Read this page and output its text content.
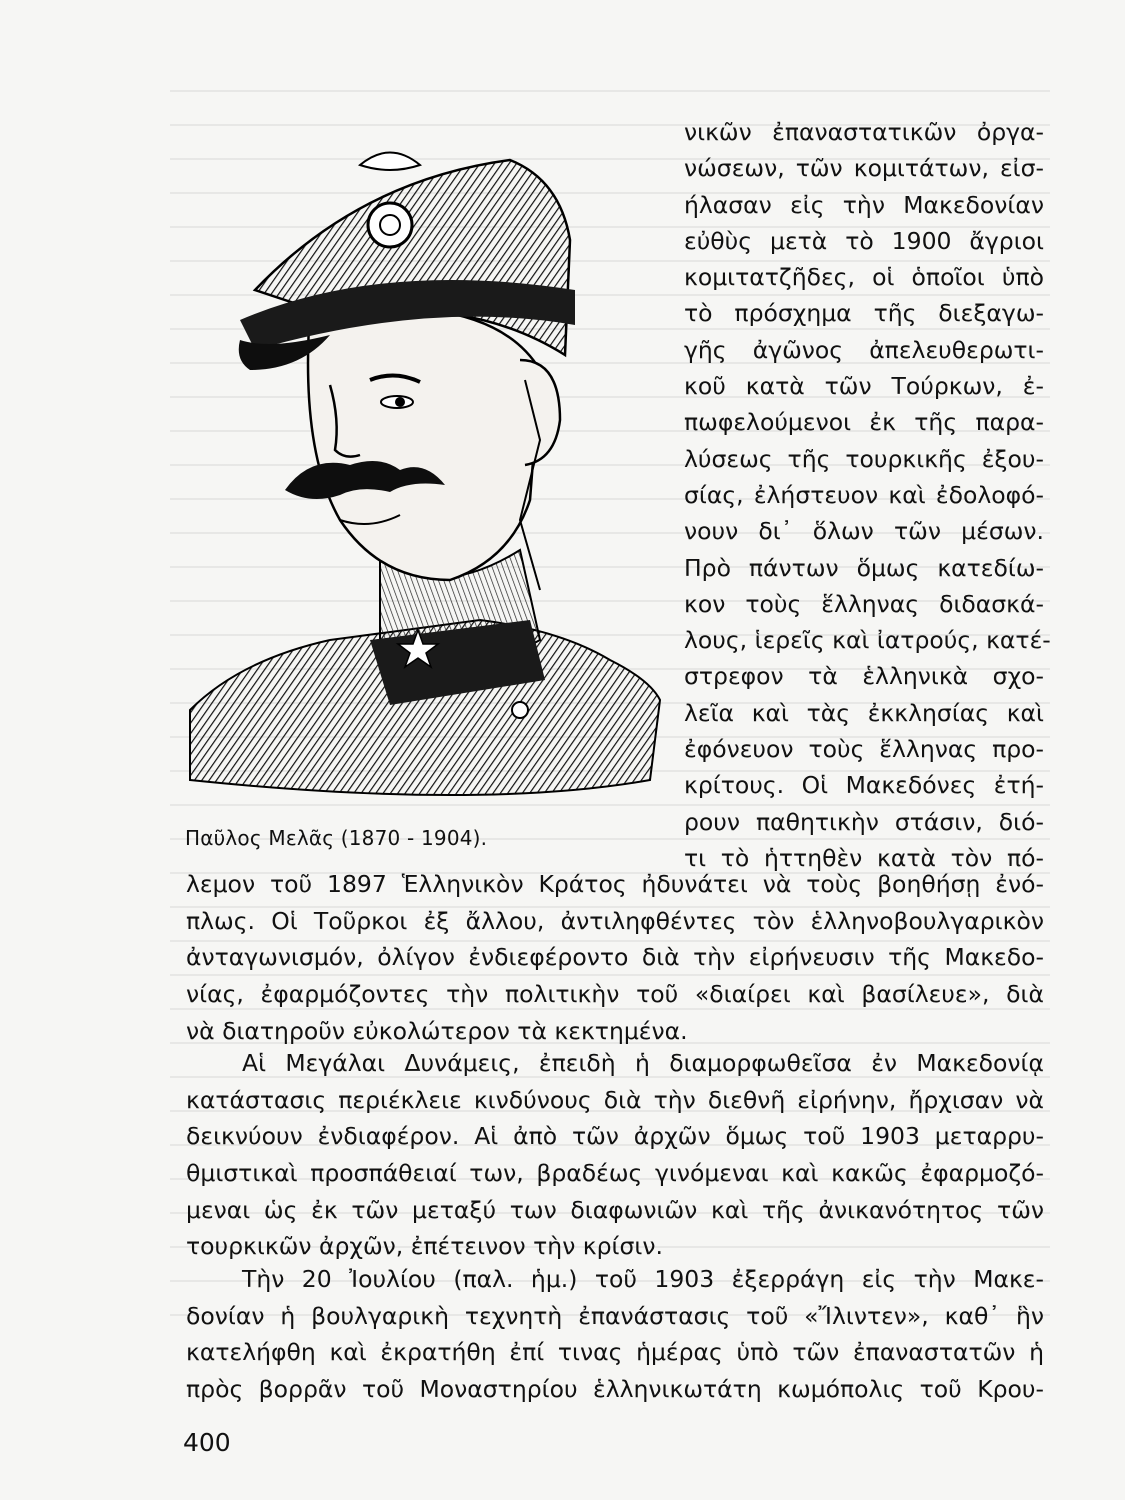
Παῦλος Μελᾶς (1870 - 1904).
νικῶν ἐπαναστατικῶν ὀργα-
νώσεων, τῶν κομιτάτων, εἰσ-
ήλασαν εἰς τὴν Μακεδονίαν
εὐθὺς μετὰ τὸ 1900 ἄγριοι
κομιτατζῆδες, οἱ ὁποῖοι ὑπὸ
τὸ πρόσχημα τῆς διεξαγω-
γῆς ἀγῶνος ἀπελευθερωτι-
κοῦ κατὰ τῶν Τούρκων, ἐ-
πωφελούμενοι ἐκ τῆς παρα-
λύσεως τῆς τουρκικῆς ἐξου-
σίας, ἐλήστευον καὶ ἐδολοφό-
νουν δι᾽ ὅλων τῶν μέσων.
Πρὸ πάντων ὅμως κατεδίω-
κον τοὺς ἕλληνας διδασκά-
λους, ἱερεῖς καὶ ἰατρούς, κατέ-
στρεφον τὰ ἑλληνικὰ σχο-
λεῖα καὶ τὰς ἐκκλησίας καὶ
ἐφόνευον τοὺς ἕλληνας προ-
κρίτους. Οἱ Μακεδόνες ἐτή-
ρουν παθητικὴν στάσιν, διό-
τι τὸ ἡττηθὲν κατὰ τὸν πό-
λεμον τοῦ 1897 Ἑλληνικὸν Κράτος ἠδυνάτει νὰ τοὺς βοηθήσῃ ἐνό-
πλως. Οἱ Τοῦρκοι ἐξ ἄλλου, ἀντιληφθέντες τὸν ἑλληνοβουλγαρικὸν
ἀνταγωνισμόν, ὀλίγον ἐνδιεφέροντο διὰ τὴν εἰρήνευσιν τῆς Μακεδο-
νίας, ἐφαρμόζοντες τὴν πολιτικὴν τοῦ «διαίρει καὶ βασίλευε», διὰ
νὰ διατηροῦν εὐκολώτερον τὰ κεκτημένα.
Αἱ Μεγάλαι Δυνάμεις, ἐπειδὴ ἡ διαμορφωθεῖσα ἐν Μακεδονίᾳ
κατάστασις περιέκλειε κινδύνους διὰ τὴν διεθνῆ εἰρήνην, ἤρχισαν νὰ
δεικνύουν ἐνδιαφέρον. Αἱ ἀπὸ τῶν ἀρχῶν ὅμως τοῦ 1903 μεταρρυ-
θμιστικαὶ προσπάθειαί των, βραδέως γινόμεναι καὶ κακῶς ἐφαρμοζό-
μεναι ὡς ἐκ τῶν μεταξύ των διαφωνιῶν καὶ τῆς ἀνικανότητος τῶν
τουρκικῶν ἀρχῶν, ἐπέτεινον τὴν κρίσιν.
Τὴν 20 Ἰουλίου (παλ. ἡμ.) τοῦ 1903 ἐξερράγη εἰς τὴν Μακε-
δονίαν ἡ βουλγαρικὴ τεχνητὴ ἐπανάστασις τοῦ «Ἴλιντεν», καθ᾽ ἣν
κατελήφθη καὶ ἐκρατήθη ἐπί τινας ἡμέρας ὑπὸ τῶν ἐπαναστατῶν ἡ
πρὸς βορρᾶν τοῦ Μοναστηρίου ἑλληνικωτάτη κωμόπολις τοῦ Κρου-
400
